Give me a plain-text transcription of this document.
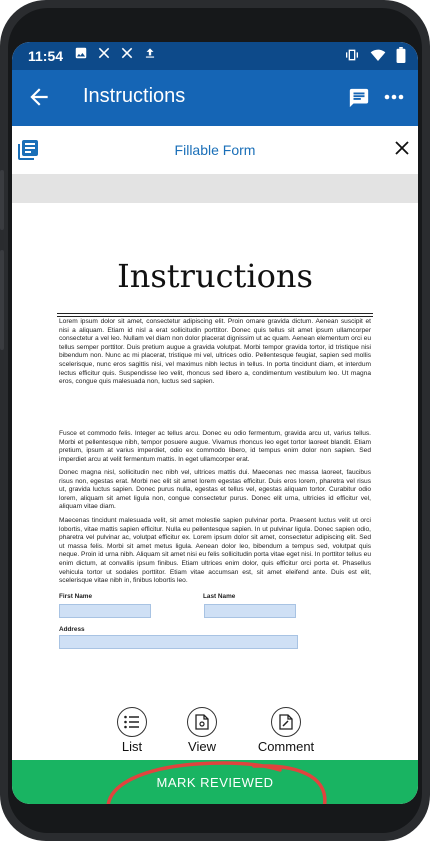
11:54
Instructions
Fillable Form
Instructions

Lorem ipsum dolor sit amet, consectetur adipiscing elit. Proin ornare gravida dictum. Aenean suscipit et nisi a aliquam. Etiam id nisl a erat sollicitudin porttitor. Donec quis tellus sit amet ipsum ullamcorper consectetur a vel leo. Nullam vel diam non dolor placerat dignissim ut ac quam. Aenean elementum orci eu tellus semper porttitor. Duis pretium augue a gravida volutpat. Morbi tempor gravida tortor, id tristique nisi bibendum non. Nunc ac mi placerat, tristique mi vel, ultrices odio. Pellentesque feugiat, sapien sed mollis scelerisque, nunc eros sagittis nisi, vel maximus nibh lectus in tellus. In porta tincidunt diam, et interdum lectus efficitur quis. Suspendisse leo velit, rhoncus sed libero a, condimentum vestibulum leo. Ut magna eros, congue quis malesuada non, luctus sed sapien.

Fusce et commodo felis. Integer ac tellus arcu. Donec eu odio fermentum, gravida arcu ut, varius tellus. Morbi et pellentesque nibh, tempor posuere augue. Vivamus rhoncus leo eget tortor laoreet blandit. Etiam pretium, ipsum at varius imperdiet, odio ex commodo libero, id tempus enim dolor non sapien. Sed imperdiet arcu at velit fermentum mattis. In eget ullamcorper erat.

Donec magna nisl, sollicitudin nec nibh vel, ultrices mattis dui. Maecenas nec massa laoreet, faucibus risus non, egestas erat. Morbi nec elit sit amet lorem egestas efficitur. Duis eros lorem, pharetra vel risus ut, gravida luctus sapien. Donec purus nulla, egestas et tellus vel, egestas aliquam tortor. Curabitur odio lorem, aliquam sit amet ligula non, congue consectetur purus. Donec elit urna, ultricies id efficitur vel, aliquam vitae diam.

Maecenas tincidunt malesuada velit, sit amet molestie sapien pulvinar porta. Praesent luctus velit ut orci lobortis, vitae mattis sapien efficitur. Nulla eu pellentesque sapien. In ut pulvinar ligula. Donec sapien odio, pharetra vel pulvinar ac, volutpat efficitur ex. Lorem ipsum dolor sit amet, consectetur adipiscing elit. Sed ut massa felis. Morbi sit amet metus ligula. Aenean dolor leo, bibendum a tempus sed, volutpat quis neque. Proin id urna nibh. Aliquam sit amet nisi eu felis sollicitudin porta vitae eget nisi. In porttitor tellus eu enim dictum, at convallis ipsum finibus. Etiam ultrices enim dolor, quis efficitur orci porta et. Phasellus vehicula tortor ut sodales porttitor. Etiam vitae accumsan est, sit amet eleifend ante. Duis est elit, scelerisque vitae nibh in, finibus lobortis leo.

First Name	Last Name
Address
List	View	Comment
MARK REVIEWED
